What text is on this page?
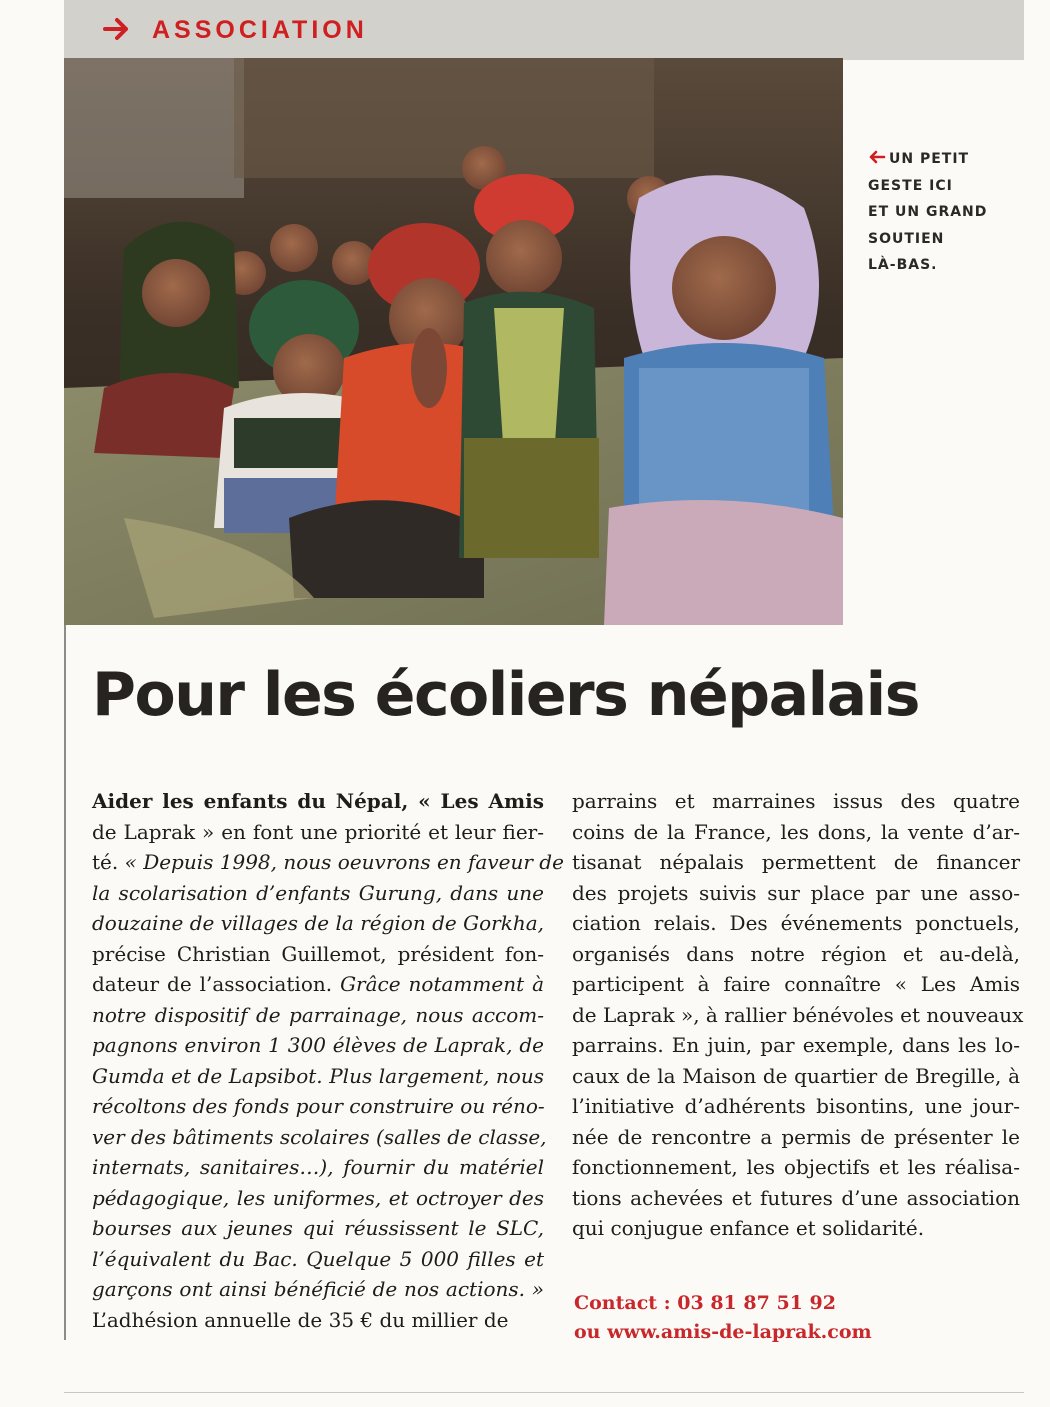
ASSOCIATION
UN PETIT
GESTE ICI
ET UN GRAND
SOUTIEN
LÀ-BAS.
Pour les écoliers népalais
Aider les enfants du Népal, « Les Amis
de Laprak » en font une priorité et leur fier-
té. « Depuis 1998, nous oeuvrons en faveur de
la scolarisation d’enfants Gurung, dans une
douzaine de villages de la région de Gorkha,
précise Christian Guillemot, président fon-
dateur de l’association. Grâce notamment à
notre dispositif de parrainage, nous accom-
pagnons environ 1 300 élèves de Laprak, de
Gumda et de Lapsibot. Plus largement, nous
récoltons des fonds pour construire ou réno-
ver des bâtiments scolaires (salles de classe,
internats, sanitaires…), fournir du matériel
pédagogique, les uniformes, et octroyer des
bourses aux jeunes qui réussissent le SLC,
l’équivalent du Bac. Quelque 5 000 filles et
garçons ont ainsi bénéficié de nos actions. »
L’adhésion annuelle de 35 € du millier de
parrains et marraines issus des quatre
coins de la France, les dons, la vente d’ar-
tisanat népalais permettent de financer
des projets suivis sur place par une asso-
ciation relais. Des événements ponctuels,
organisés dans notre région et au-delà,
participent à faire connaître « Les Amis
de Laprak », à rallier bénévoles et nouveaux
parrains. En juin, par exemple, dans les lo-
caux de la Maison de quartier de Bregille, à
l’initiative d’adhérents bisontins, une jour-
née de rencontre a permis de présenter le
fonctionnement, les objectifs et les réalisa-
tions achevées et futures d’une association
qui conjugue enfance et solidarité.
Contact : 03 81 87 51 92
ou www.amis-de-laprak.com
